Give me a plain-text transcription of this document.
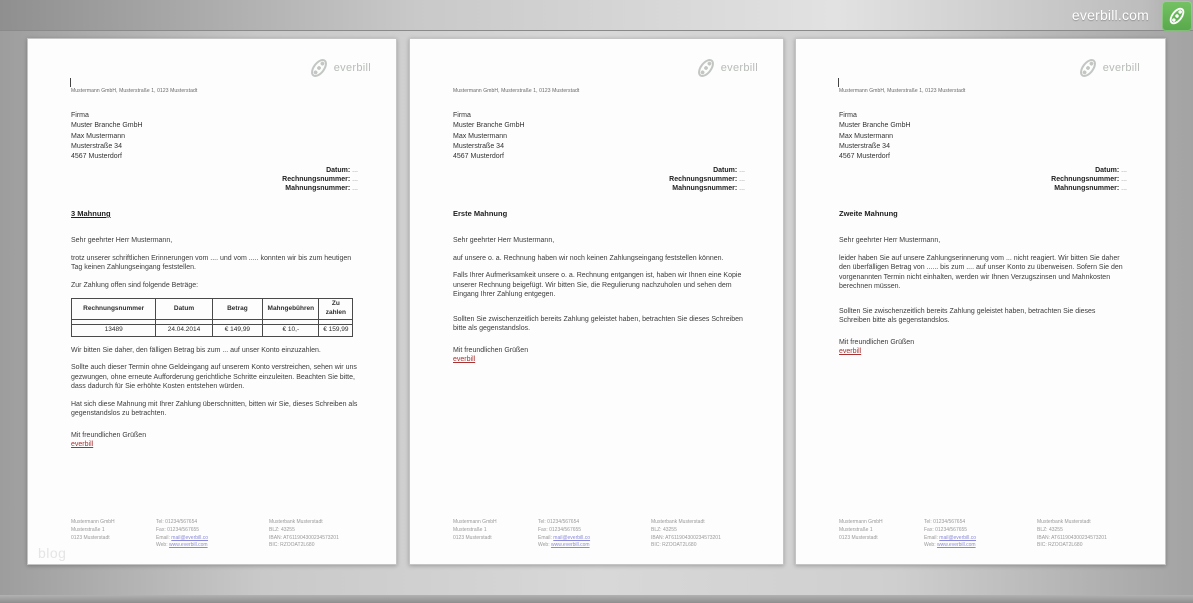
everbill.com
everbill
Mustermann GmbH, Musterstraße 1, 0123 Musterstadt
Firma
Muster Branche GmbH
Max Mustermann
Musterstraße 34
4567 Musterdorf
Datum: ...
Rechnungsnummer: ...
Mahnungsnummer: ...
3 Mahnung
Sehr geehrter Herr Mustermann,
trotz unserer schriftlichen Erinnerungen vom .... und vom ..... konnten wir bis zum heutigen Tag keinen Zahlungseingang feststellen.
Zur Zahlung offen sind folgende Beträge:
Rechnungsnummer	Datum	Betrag	Mahngebühren	Zu zahlen

13489	24.04.2014	€ 149,99	€ 10,-	€ 159,99
Wir bitten Sie daher, den fälligen Betrag bis zum ... auf unser Konto einzuzahlen.
Sollte auch dieser Termin ohne Geldeingang auf unserem Konto verstreichen, sehen wir uns gezwungen, ohne erneute Aufforderung gerichtliche Schritte einzuleiten. Beachten Sie bitte, dass dadurch für Sie erhöhte Kosten entstehen würden.
Hat sich diese Mahnung mit Ihrer Zahlung überschnitten, bitten wir Sie, dieses Schreiben als gegenstandslos zu betrachten.
Mit freundlichen Grüßen
everbill
Mustermann GmbH
Musterstraße 1
0123 Musterstadt
Tel: 01234/567654
Fax: 01234/567655
Email: mail@everbill.co
Web: www.everbill.com
Musterbank Musterstadt
BLZ: 43255
IBAN: AT611904300234573201
BIC: RZOOAT2L680
everbill
Mustermann GmbH, Musterstraße 1, 0123 Musterstadt
Firma
Muster Branche GmbH
Max Mustermann
Musterstraße 34
4567 Musterdorf
Datum: ...
Rechnungsnummer: ...
Mahnungsnummer: ...
Erste Mahnung
Sehr geehrter Herr Mustermann,
auf unsere o. a. Rechnung haben wir noch keinen Zahlungseingang feststellen können.
Falls Ihrer Aufmerksamkeit unsere o. a. Rechnung entgangen ist, haben wir Ihnen eine Kopie unserer Rechnung beigefügt. Wir bitten Sie, die Regulierung nachzuholen und sehen dem Eingang Ihrer Zahlung entgegen.
Sollten Sie zwischenzeitlich bereits Zahlung geleistet haben, betrachten Sie dieses Schreiben bitte als gegenstandslos.
Mit freundlichen Grüßen
everbill
Mustermann GmbH
Musterstraße 1
0123 Musterstadt
Tel: 01234/567654
Fax: 01234/567655
Email: mail@everbill.co
Web: www.everbill.com
Musterbank Musterstadt
BLZ: 43255
IBAN: AT611904300234573201
BIC: RZOOAT2L680
everbill
Mustermann GmbH, Musterstraße 1, 0123 Musterstadt
Firma
Muster Branche GmbH
Max Mustermann
Musterstraße 34
4567 Musterdorf
Datum: ...
Rechnungsnummer: ...
Mahnungsnummer: ...
Zweite Mahnung
Sehr geehrter Herr Mustermann,
leider haben Sie auf unsere Zahlungserinnerung vom ... nicht reagiert. Wir bitten Sie daher den überfälligen Betrag von ...... bis zum .... auf unser Konto zu überweisen. Sofern Sie den vorgenannten Termin nicht einhalten, werden wir Ihnen Verzugszinsen und Mahnkosten berechnen müssen.
Sollten Sie zwischenzeitlich bereits Zahlung geleistet haben, betrachten Sie dieses Schreiben bitte als gegenstandslos.
Mit freundlichen Grüßen
everbill
Mustermann GmbH
Musterstraße 1
0123 Musterstadt
Tel: 01234/567654
Fax: 01234/567655
Email: mail@everbill.co
Web: www.everbill.com
Musterbank Musterstadt
BLZ: 43255
IBAN: AT611904300234573201
BIC: RZOOAT2L680
blog
